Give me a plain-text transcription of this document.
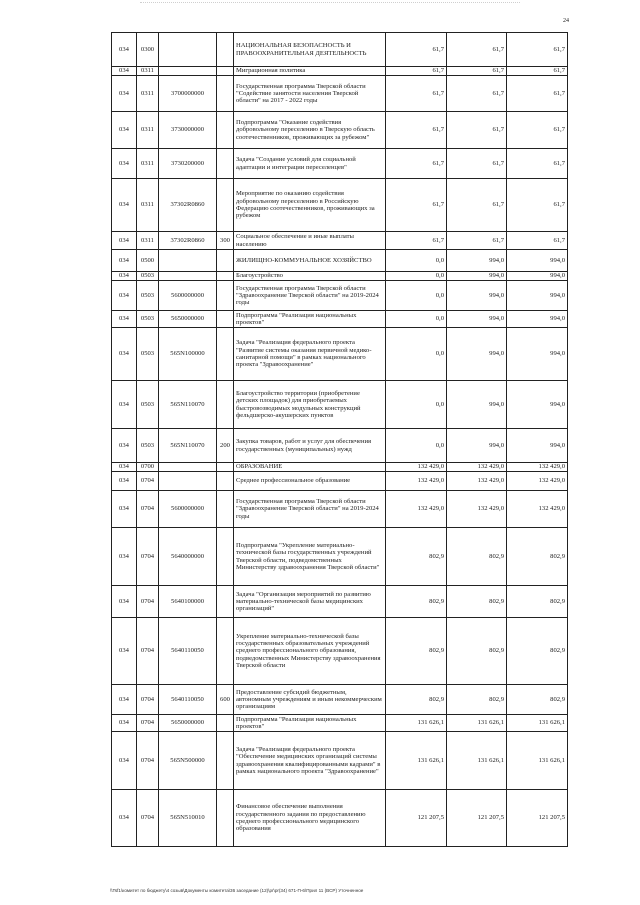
24
034	0300			НАЦИОНАЛЬНАЯ БЕЗОПАСНОСТЬ И ПРАВООХРАНИТЕЛЬНАЯ ДЕЯТЕЛЬНОСТЬ	61,7	61,7	61,7
034	0311			Миграционная политика	61,7	61,7	61,7
034	0311	3700000000		Государственная программа Тверской области "Содействие занятости населения Тверской области" на 2017 - 2022 годы	61,7	61,7	61,7
034	0311	3730000000		Подпрограмма "Оказание содействия добровольному переселению в Тверскую область соотечественников, проживающих за рубежом"	61,7	61,7	61,7
034	0311	3730200000		Задача "Создание условий для социальной адаптации и интеграции переселенцев"	61,7	61,7	61,7
034	0311	37302R0860		Мероприятие по оказанию содействия добровольному переселению в Российскую Федерацию соотечественников, проживающих за рубежом	61,7	61,7	61,7
034	0311	37302R0860	300	Социальное обеспечение и иные выплаты населению	61,7	61,7	61,7
034	0500			ЖИЛИЩНО-КОММУНАЛЬНОЕ ХОЗЯЙСТВО	0,0	994,0	994,0
034	0503			Благоустройство	0,0	994,0	994,0
034	0503	5600000000		Государственная программа Тверской области "Здравоохранение Тверской области" на 2019-2024 годы	0,0	994,0	994,0
034	0503	5650000000		Подпрограмма "Реализация национальных проектов"	0,0	994,0	994,0
034	0503	565N100000		Задача "Реализация федерального проекта "Развитие системы оказания первичной медико-санитарной помощи" в рамках национального проекта "Здравоохранение"	0,0	994,0	994,0
034	0503	565N110070		Благоустройство территории (приобретение детских площадок) для приобретаемых быстровозводимых модульных конструкций фельдшерско-акушерских пунктов	0,0	994,0	994,0
034	0503	565N110070	200	Закупка товаров, работ и услуг для обеспечения государственных (муниципальных) нужд	0,0	994,0	994,0
034	0700			ОБРАЗОВАНИЕ	132 429,0	132 429,0	132 429,0
034	0704			Среднее профессиональное образование	132 429,0	132 429,0	132 429,0
034	0704	5600000000		Государственная программа Тверской области "Здравоохранение Тверской области" на 2019-2024 годы	132 429,0	132 429,0	132 429,0
034	0704	5640000000		Подпрограмма "Укрепление материально-технической базы государственных учреждений Тверской области, подведомственных Министерству здравоохранения Тверской области"	802,9	802,9	802,9
034	0704	5640100000		Задача "Организация мероприятий по развитию материально-технической базы медицинских организаций"	802,9	802,9	802,9
034	0704	5640110050		Укрепление материально-технической базы государственных образовательных учреждений среднего профессионального образования, подведомственных Министерству здравоохранения Тверской области	802,9	802,9	802,9
034	0704	5640110050	600	Предоставление субсидий бюджетным, автономным учреждениям и иным некоммерческим организациям	802,9	802,9	802,9
034	0704	5650000000		Подпрограмма "Реализация национальных проектов"	131 626,1	131 626,1	131 626,1
034	0704	565N500000		Задача "Реализация федерального проекта "Обеспечение медицинских организаций системы здравоохранения квалифицированными кадрами" в рамках национального проекта "Здравоохранение"	131 626,1	131 626,1	131 626,1
034	0704	565N510010		Финансовое обеспечение выполнения государственного задания по предоставлению среднего профессионального медицинского образования	121 207,5	121 207,5	121 207,5
\\Tsf1\комитет по бюджету\4 созыв\Документы комитета\36 заседание (12)\pr\pr(34) 671-П-6\Прил 11 (ВСР) Уточненное
